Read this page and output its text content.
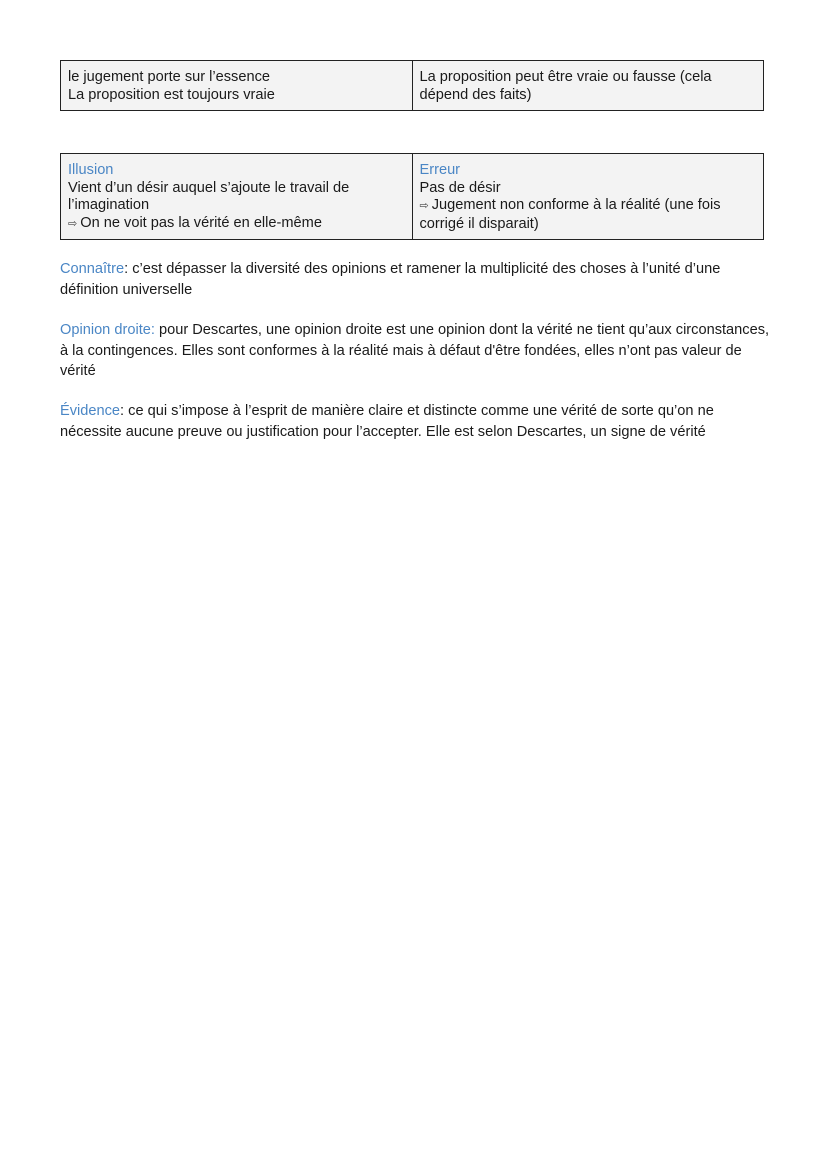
le jugement porte sur l’essence
La proposition est toujours vraie

La proposition peut être vraie ou fausse (cela
dépend des faits)
Illusion
Vient d’un désir auquel s’ajoute le travail de
l’imagination
⇨ On ne voit pas la vérité en elle-même

Erreur
Pas de désir
⇨ Jugement non conforme à la réalité (une fois
corrigé il disparait)

Connaître: c’est dépasser la diversité des opinions et ramener la multiplicité des choses à l’unité d’une définition universelle

Opinion droite: pour Descartes, une opinion droite est une opinion dont la vérité ne tient qu’aux circonstances, à la contingences. Elles sont conformes à la réalité mais à défaut d'être fondées, elles n’ont pas valeur de vérité

Évidence: ce qui s’impose à l’esprit de manière claire et distincte comme une vérité de sorte qu’on ne nécessite aucune preuve ou justification pour l’accepter. Elle est selon Descartes, un signe de vérité
